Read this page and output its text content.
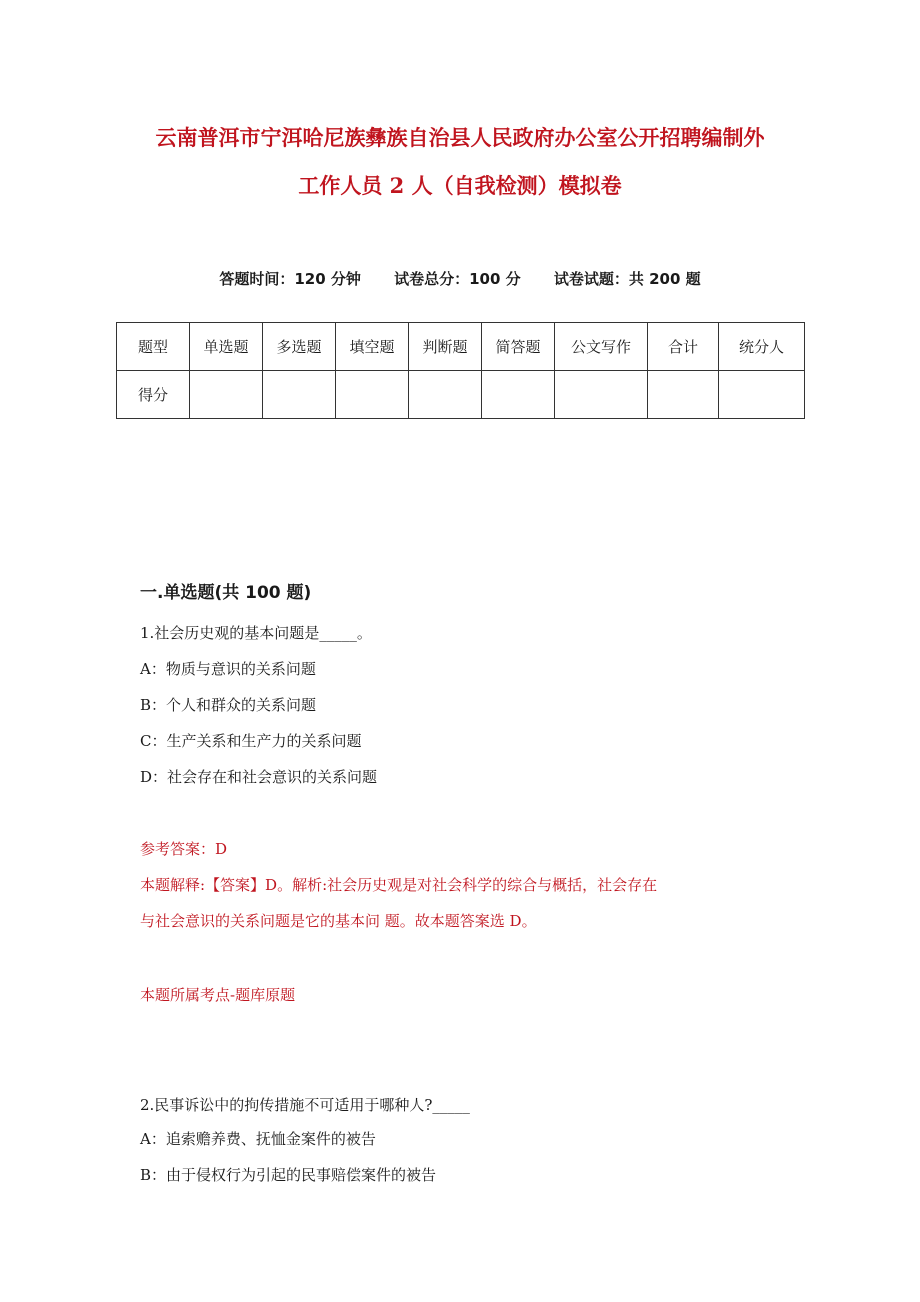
云南普洱市宁洱哈尼族彝族自治县人民政府办公室公开招聘编制外
工作人员 2 人（自我检测）模拟卷
答题时间：120 分钟 试卷总分：100 分 试卷试题：共 200 题
题型	单选题	多选题	填空题	判断题	简答题	公文写作	合计	统分人
得分								
一.单选题(共 100 题)
1.社会历史观的基本问题是_____。
A：物质与意识的关系问题
B：个人和群众的关系问题
C：生产关系和生产力的关系问题
D：社会存在和社会意识的关系问题
参考答案：D
本题解释:【答案】D。解析:社会历史观是对社会科学的综合与概括，社会存在
与社会意识的关系问题是它的基本问 题。故本题答案选 D。
本题所属考点-题库原题
2.民事诉讼中的拘传措施不可适用于哪种人?_____
A：追索赡养费、抚恤金案件的被告
B：由于侵权行为引起的民事赔偿案件的被告
